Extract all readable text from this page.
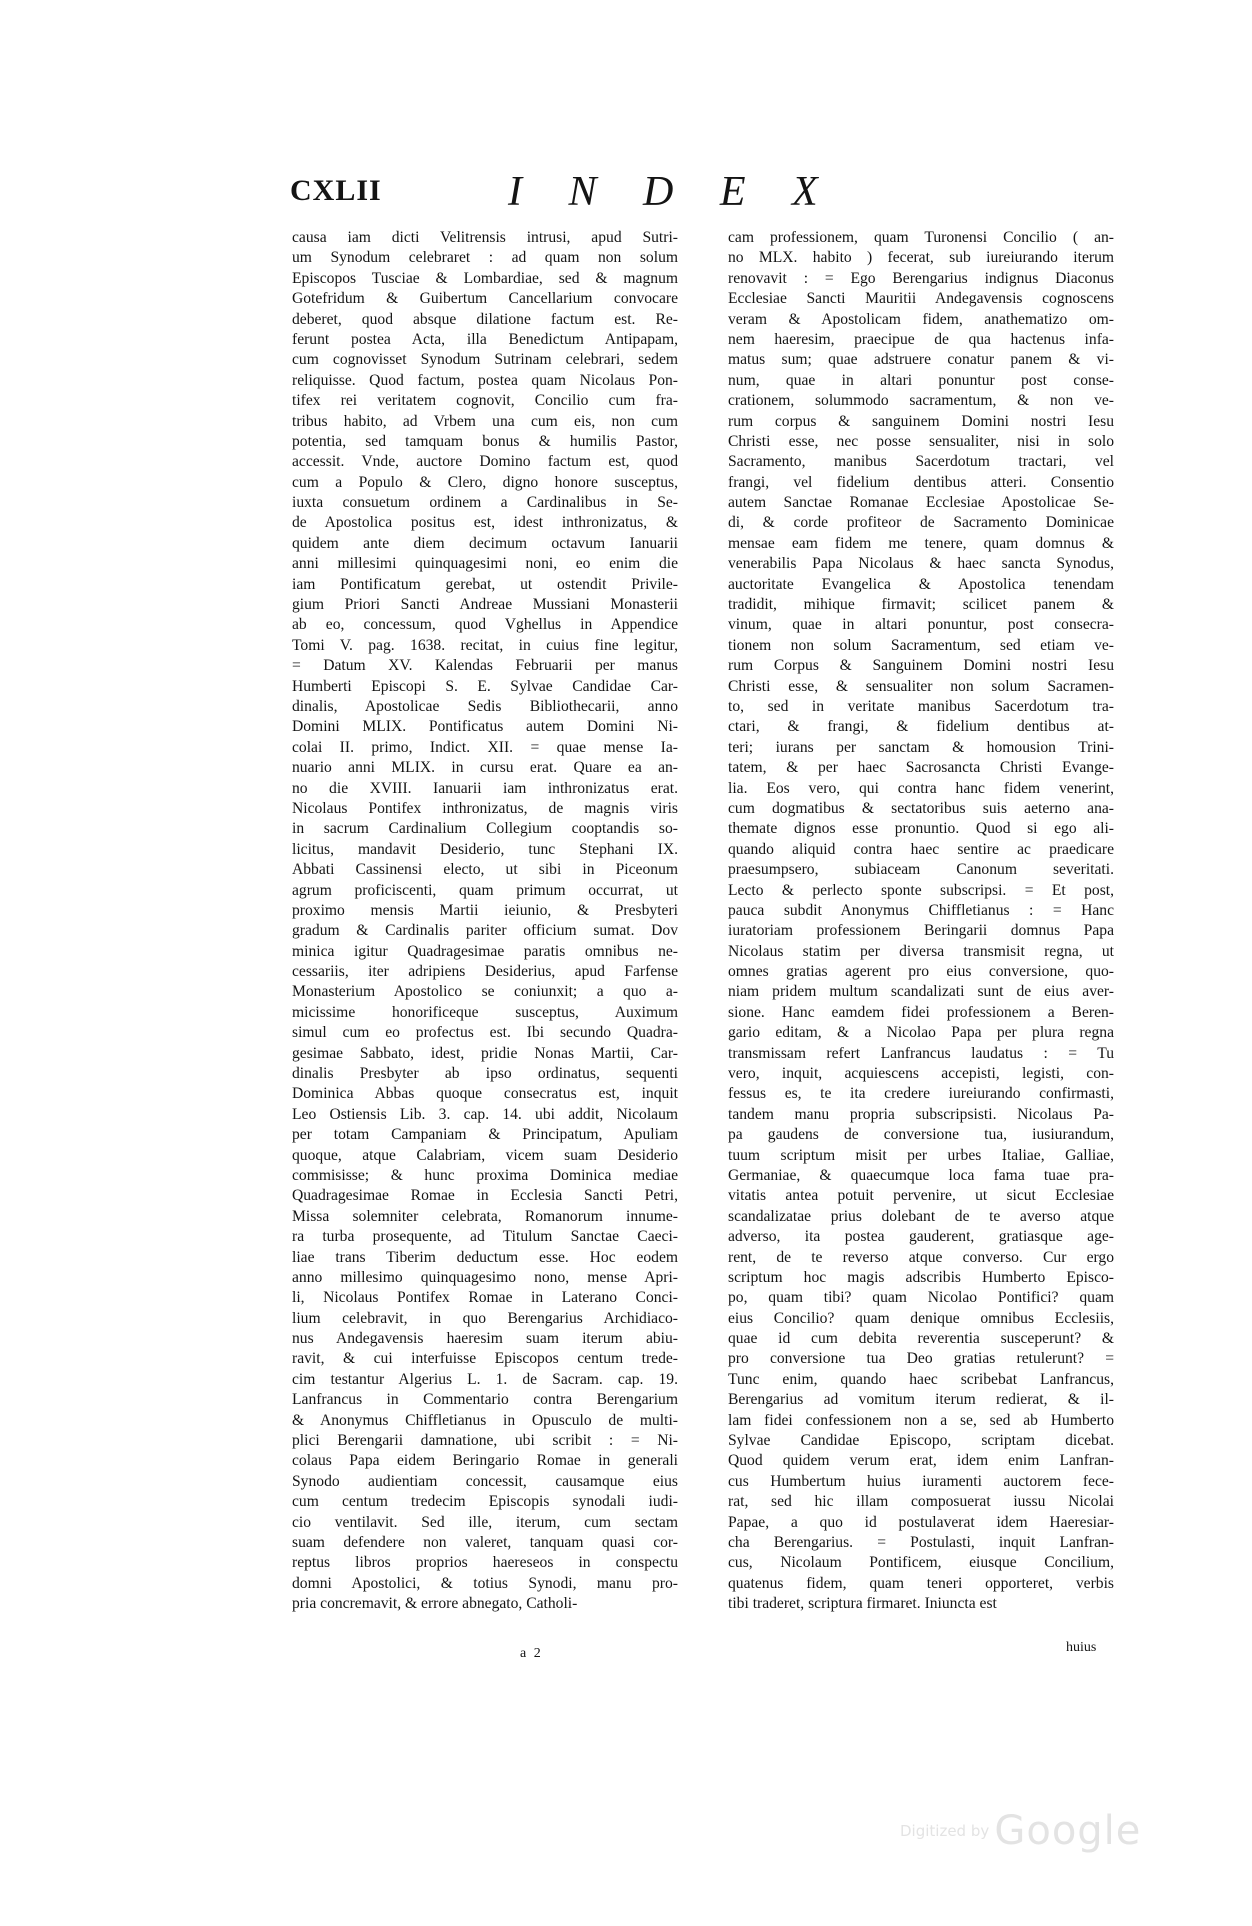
CXLII	I N D E X
causa iam dicti Velitrensis intrusi, apud Sutri-
um Synodum celebraret : ad quam non solum
Episcopos Tusciae & Lombardiae, sed & magnum
Gotefridum & Guibertum Cancellarium convocare
deberet, quod absque dilatione factum est. Re-
ferunt postea Acta, illa Benedictum Antipapam,
cum cognovisset Synodum Sutrinam celebrari, sedem
reliquisse. Quod factum, postea quam Nicolaus Pon-
tifex rei veritatem cognovit, Concilio cum fra-
tribus habito, ad Vrbem una cum eis, non cum
potentia, sed tamquam bonus & humilis Pastor,
accessit. Vnde, auctore Domino factum est, quod
cum a Populo & Clero, digno honore susceptus,
iuxta consuetum ordinem a Cardinalibus in Se-
de Apostolica positus est, idest inthronizatus, &
quidem ante diem decimum octavum Ianuarii
anni millesimi quinquagesimi noni, eo enim die
iam Pontificatum gerebat, ut ostendit Privile-
gium Priori Sancti Andreae Mussiani Monasterii
ab eo, concessum, quod Vghellus in Appendice
Tomi V. pag. 1638. recitat, in cuius fine legitur,
= Datum XV. Kalendas Februarii per manus
Humberti Episcopi S. E. Sylvae Candidae Car-
dinalis, Apostolicae Sedis Bibliothecarii, anno
Domini MLIX. Pontificatus autem Domini Ni-
colai II. primo, Indict. XII. = quae mense Ia-
nuario anni MLIX. in cursu erat. Quare ea an-
no die XVIII. Ianuarii iam inthronizatus erat.
Nicolaus Pontifex inthronizatus, de magnis viris
in sacrum Cardinalium Collegium cooptandis so-
licitus, mandavit Desiderio, tunc Stephani IX.
Abbati Cassinensi electo, ut sibi in Piceonum
agrum proficiscenti, quam primum occurrat, ut
proximo mensis Martii ieiunio, & Presbyteri
gradum & Cardinalis pariter officium sumat. Dov
minica igitur Quadragesimae paratis omnibus ne-
cessariis, iter adripiens Desiderius, apud Farfense
Monasterium Apostolico se coniunxit; a quo a-
micissime honorificeque susceptus, Auximum
simul cum eo profectus est. Ibi secundo Quadra-
gesimae Sabbato, idest, pridie Nonas Martii, Car-
dinalis Presbyter ab ipso ordinatus, sequenti
Dominica Abbas quoque consecratus est, inquit
Leo Ostiensis Lib. 3. cap. 14. ubi addit, Nicolaum
per totam Campaniam & Principatum, Apuliam
quoque, atque Calabriam, vicem suam Desiderio
commisisse; & hunc proxima Dominica mediae
Quadragesimae Romae in Ecclesia Sancti Petri,
Missa solemniter celebrata, Romanorum innume-
ra turba prosequente, ad Titulum Sanctae Caeci-
liae trans Tiberim deductum esse. Hoc eodem
anno millesimo quinquagesimo nono, mense Apri-
li, Nicolaus Pontifex Romae in Laterano Conci-
lium celebravit, in quo Berengarius Archidiaco-
nus Andegavensis haeresim suam iterum abiu-
ravit, & cui interfuisse Episcopos centum trede-
cim testantur Algerius L. 1. de Sacram. cap. 19.
Lanfrancus in Commentario contra Berengarium
& Anonymus Chiffletianus in Opusculo de multi-
plici Berengarii damnatione, ubi scribit : = Ni-
colaus Papa eidem Beringario Romae in generali
Synodo audientiam concessit, causamque eius
cum centum tredecim Episcopis synodali iudi-
cio ventilavit. Sed ille, iterum, cum sectam
suam defendere non valeret, tanquam quasi cor-
reptus libros proprios haereseos in conspectu
domni Apostolici, & totius Synodi, manu pro-
pria concremavit, & errore abnegato, Catholi-
cam professionem, quam Turonensi Concilio ( an-
no MLX. habito ) fecerat, sub iureiurando iterum
renovavit : = Ego Berengarius indignus Diaconus
Ecclesiae Sancti Mauritii Andegavensis cognoscens
veram & Apostolicam fidem, anathematizo om-
nem haeresim, praecipue de qua hactenus infa-
matus sum; quae adstruere conatur panem & vi-
num, quae in altari ponuntur post conse-
crationem, solummodo sacramentum, & non ve-
rum corpus & sanguinem Domini nostri Iesu
Christi esse, nec posse sensualiter, nisi in solo
Sacramento, manibus Sacerdotum tractari, vel
frangi, vel fidelium dentibus atteri. Consentio
autem Sanctae Romanae Ecclesiae Apostolicae Se-
di, & corde profiteor de Sacramento Dominicae
mensae eam fidem me tenere, quam domnus &
venerabilis Papa Nicolaus & haec sancta Synodus,
auctoritate Evangelica & Apostolica tenendam
tradidit, mihique firmavit; scilicet panem &
vinum, quae in altari ponuntur, post consecra-
tionem non solum Sacramentum, sed etiam ve-
rum Corpus & Sanguinem Domini nostri Iesu
Christi esse, & sensualiter non solum Sacramen-
to, sed in veritate manibus Sacerdotum tra-
ctari, & frangi, & fidelium dentibus at-
teri; iurans per sanctam & homousion Trini-
tatem, & per haec Sacrosancta Christi Evange-
lia. Eos vero, qui contra hanc fidem venerint,
cum dogmatibus & sectatoribus suis aeterno ana-
themate dignos esse pronuntio. Quod si ego ali-
quando aliquid contra haec sentire ac praedicare
praesumpsero, subiaceam Canonum severitati.
Lecto & perlecto sponte subscripsi. = Et post,
pauca subdit Anonymus Chiffletianus : = Hanc
iuratoriam professionem Beringarii domnus Papa
Nicolaus statim per diversa transmisit regna, ut
omnes gratias agerent pro eius conversione, quo-
niam pridem multum scandalizati sunt de eius aver-
sione. Hanc eamdem fidei professionem a Beren-
gario editam, & a Nicolao Papa per plura regna
transmissam refert Lanfrancus laudatus : = Tu
vero, inquit, acquiescens accepisti, legisti, con-
fessus es, te ita credere iureiurando confirmasti,
tandem manu propria subscripsisti. Nicolaus Pa-
pa gaudens de conversione tua, iusiurandum,
tuum scriptum misit per urbes Italiae, Galliae,
Germaniae, & quaecumque loca fama tuae pra-
vitatis antea potuit pervenire, ut sicut Ecclesiae
scandalizatae prius dolebant de te averso atque
adverso, ita postea gauderent, gratiasque age-
rent, de te reverso atque converso. Cur ergo
scriptum hoc magis adscribis Humberto Episco-
po, quam tibi? quam Nicolao Pontifici? quam
eius Concilio? quam denique omnibus Ecclesiis,
quae id cum debita reverentia susceperunt? &
pro conversione tua Deo gratias retulerunt? =
Tunc enim, quando haec scribebat Lanfrancus,
Berengarius ad vomitum iterum redierat, & il-
lam fidei confessionem non a se, sed ab Humberto
Sylvae Candidae Episcopo, scriptam dicebat.
Quod quidem verum erat, idem enim Lanfran-
cus Humbertum huius iuramenti auctorem fece-
rat, sed hic illam composuerat iussu Nicolai
Papae, a quo id postulaverat idem Haeresiar-
cha Berengarius. = Postulasti, inquit Lanfran-
cus, Nicolaum Pontificem, eiusque Concilium,
quatenus fidem, quam teneri opporteret, verbis
tibi traderet, scriptura firmaret. Iniuncta est
a 2	huius
Digitized by Google
